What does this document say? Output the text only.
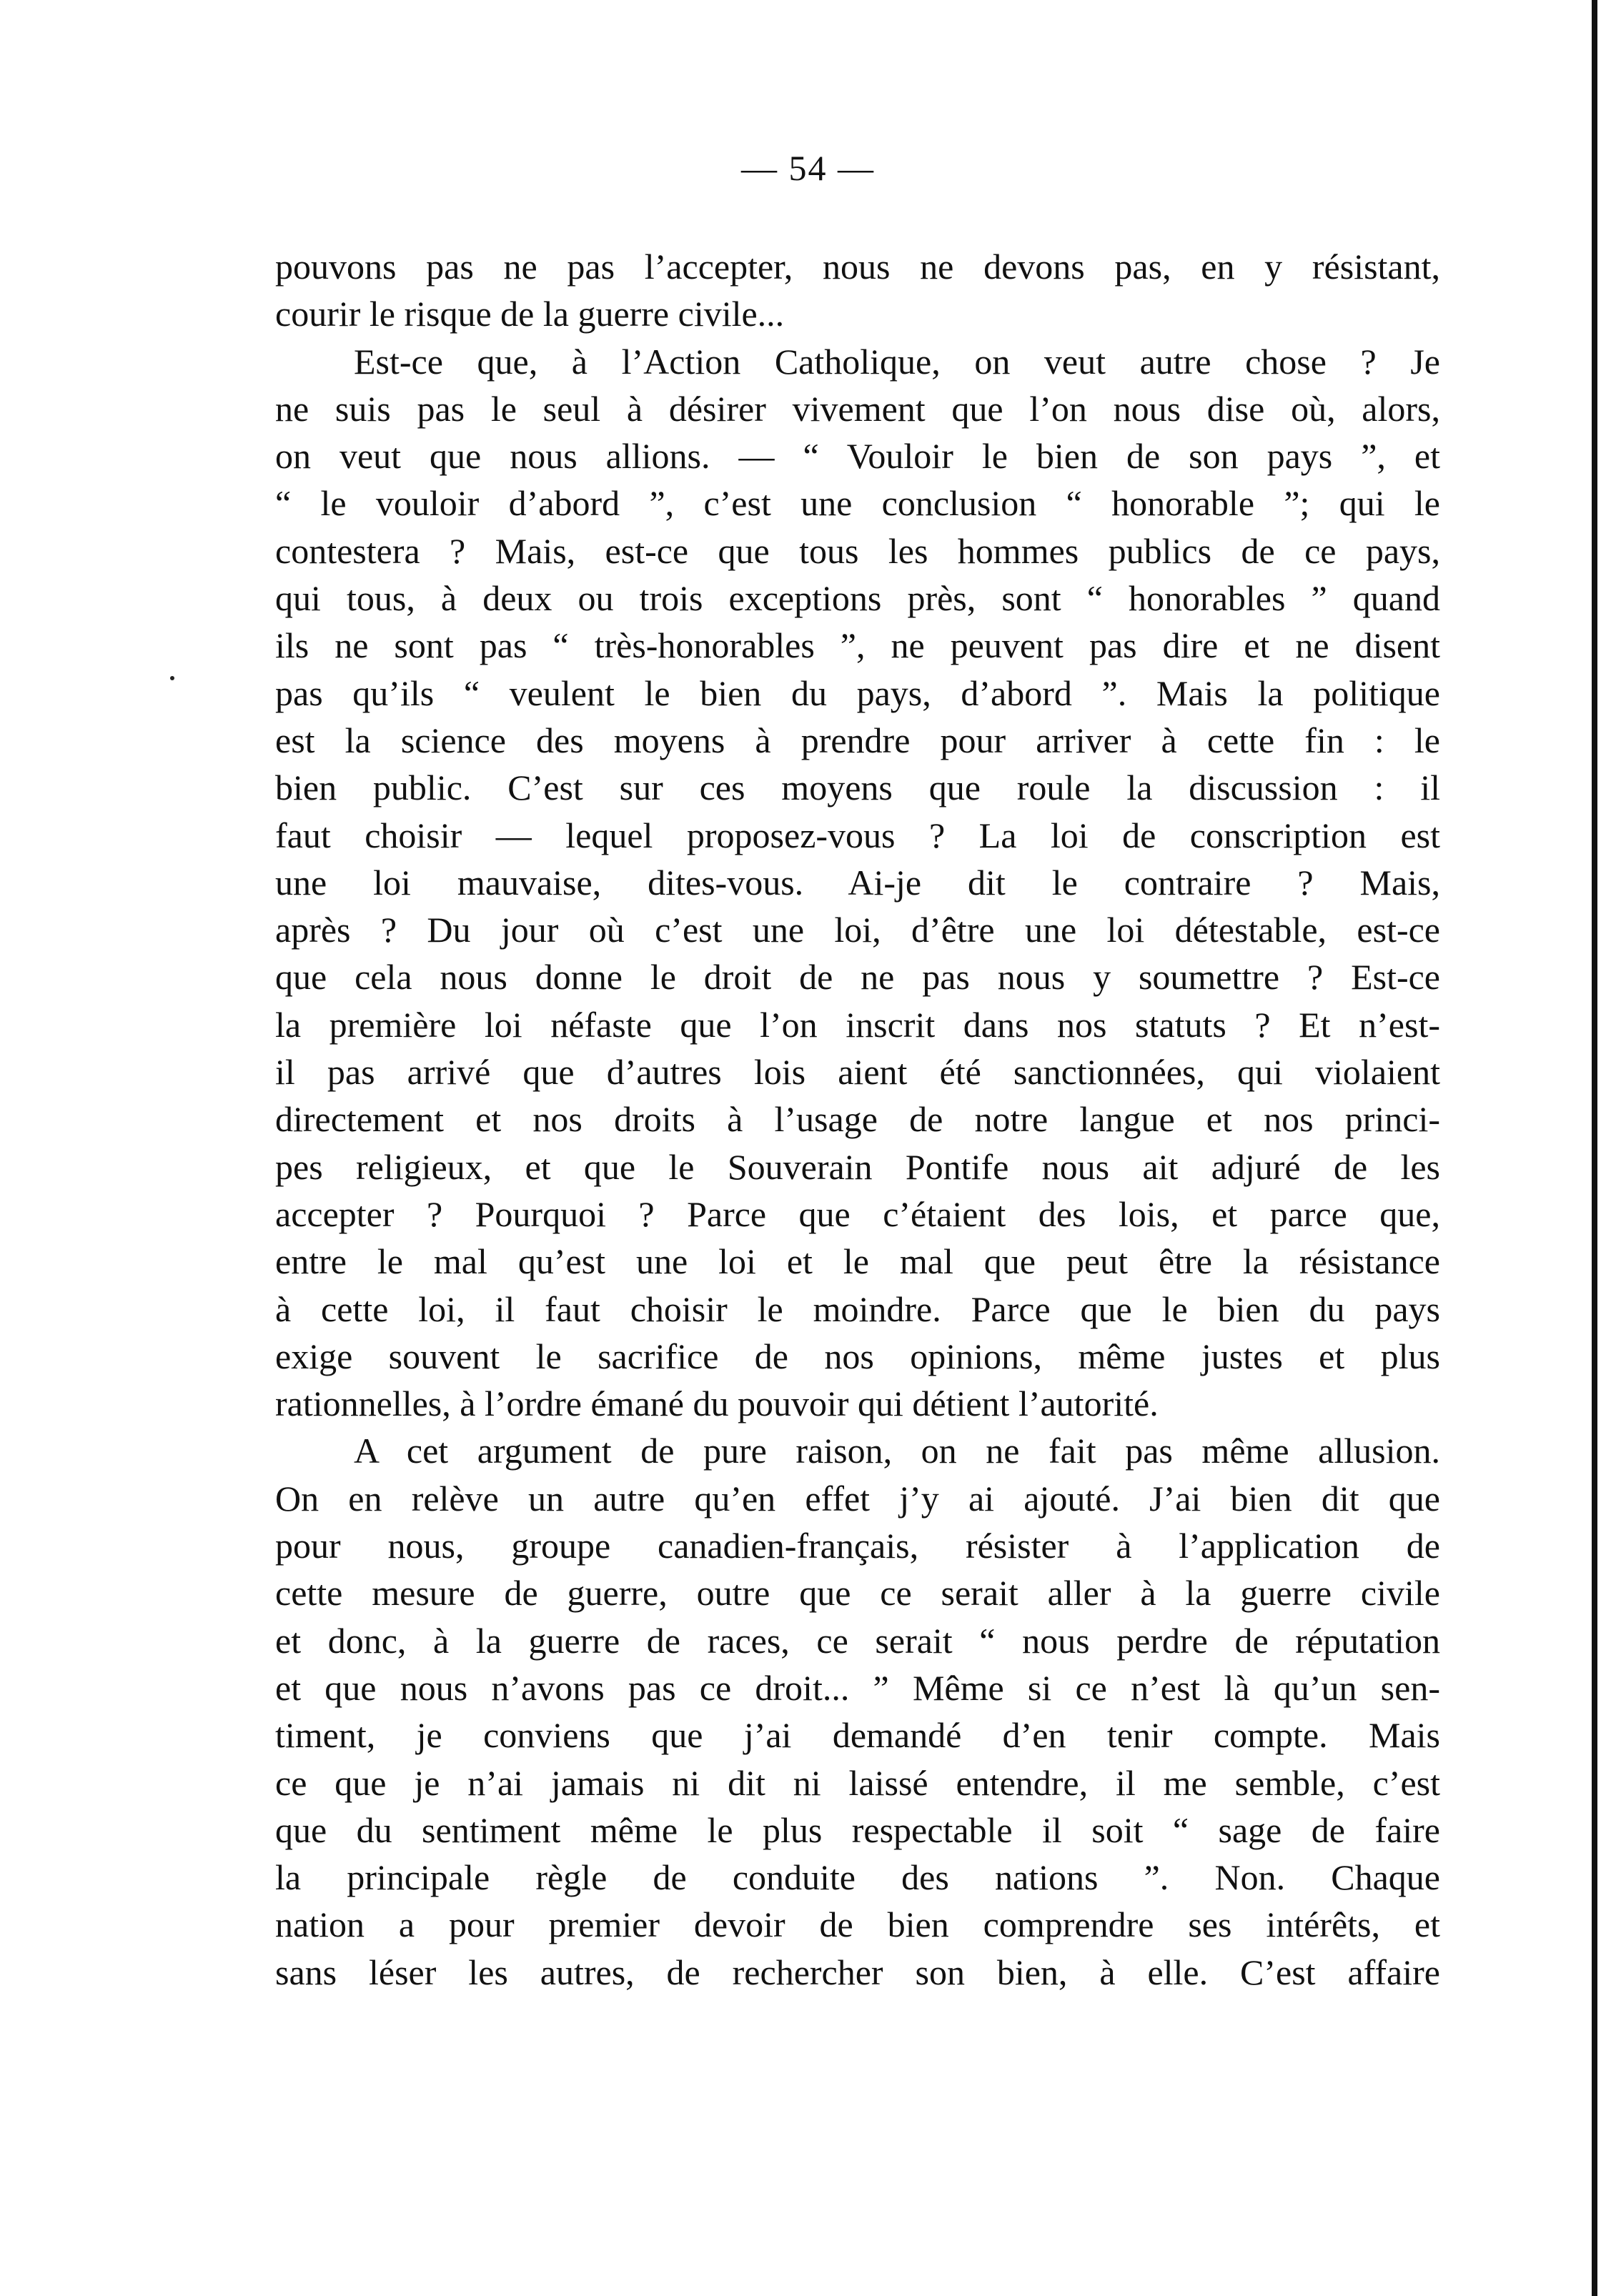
— 54 —
pouvons pas ne pas l’accepter, nous ne devons pas, en y résistant,
courir le risque de la guerre civile...
Est-ce que, à l’Action Catholique, on veut autre chose ? Je
ne suis pas le seul à désirer vivement que l’on nous dise où, alors,
on veut que nous allions. — “ Vouloir le bien de son pays ”, et
“ le vouloir d’abord ”, c’est une conclusion “ honorable ”; qui le
contestera ? Mais, est-ce que tous les hommes publics de ce pays,
qui tous, à deux ou trois exceptions près, sont “ honorables ” quand
ils ne sont pas “ très-honorables ”, ne peuvent pas dire et ne disent
pas qu’ils “ veulent le bien du pays, d’abord ”. Mais la politique
est la science des moyens à prendre pour arriver à cette fin : le
bien public. C’est sur ces moyens que roule la discussion : il
faut choisir — lequel proposez-vous ? La loi de conscription est
une loi mauvaise, dites-vous. Ai-je dit le contraire ? Mais,
après ? Du jour où c’est une loi, d’être une loi détestable, est-ce
que cela nous donne le droit de ne pas nous y soumettre ? Est-ce
la première loi néfaste que l’on inscrit dans nos statuts ? Et n’est-
il pas arrivé que d’autres lois aient été sanctionnées, qui violaient
directement et nos droits à l’usage de notre langue et nos princi-
pes religieux, et que le Souverain Pontife nous ait adjuré de les
accepter ? Pourquoi ? Parce que c’étaient des lois, et parce que,
entre le mal qu’est une loi et le mal que peut être la résistance
à cette loi, il faut choisir le moindre. Parce que le bien du pays
exige souvent le sacrifice de nos opinions, même justes et plus
rationnelles, à l’ordre émané du pouvoir qui détient l’autorité.
A cet argument de pure raison, on ne fait pas même allusion.
On en relève un autre qu’en effet j’y ai ajouté. J’ai bien dit que
pour nous, groupe canadien-français, résister à l’application de
cette mesure de guerre, outre que ce serait aller à la guerre civile
et donc, à la guerre de races, ce serait “ nous perdre de réputation
et que nous n’avons pas ce droit... ” Même si ce n’est là qu’un sen-
timent, je conviens que j’ai demandé d’en tenir compte. Mais
ce que je n’ai jamais ni dit ni laissé entendre, il me semble, c’est
que du sentiment même le plus respectable il soit “ sage de faire
la principale règle de conduite des nations ”. Non. Chaque
nation a pour premier devoir de bien comprendre ses intérêts, et
sans léser les autres, de rechercher son bien, à elle. C’est affaire
